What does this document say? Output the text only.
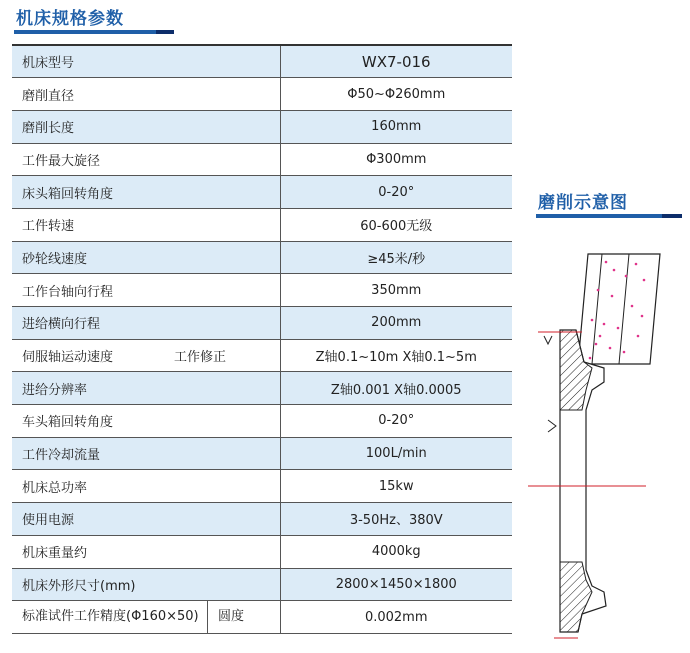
机床规格参数
机床型号	WX7-016
磨削直径	Φ50~Φ260mm
磨削长度	160mm
工件最大旋径	Φ300mm
床头箱回转角度	0-20°
工件转速	60-600无级
砂轮线速度	≥45米/秒
工作台轴向行程	350mm
进给横向行程	200mm

伺服轴运动速度 工作修正	Z轴0.1~10m X轴0.1~5m
进给分辨率	Z轴0.001 X轴0.0005
车头箱回转角度	0-20°
工件冷却流量	100L/min
机床总功率	15kw
使用电源	3-50Hz、380V
机床重量约	4000kg
机床外形尺寸(mm)	2800×1450×1800
标准试件工作精度(Φ160×50) 圆度	0.002mm
磨削示意图
